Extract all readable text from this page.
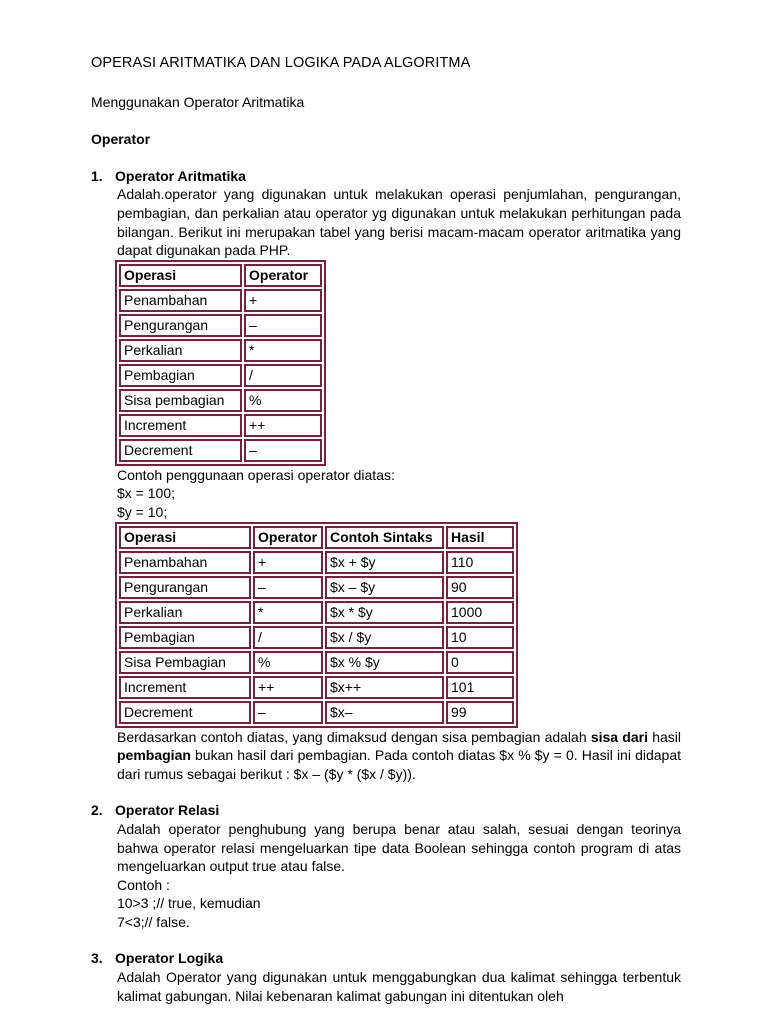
OPERASI ARITMATIKA DAN LOGIKA PADA ALGORITMA
Menggunakan Operator Aritmatika
Operator
1. Operator Aritmatika
Adalah.operator yang digunakan untuk melakukan operasi penjumlahan, pengurangan, pembagian, dan perkalian atau operator yg digunakan untuk melakukan perhitungan pada bilangan. Berikut ini merupakan tabel yang berisi macam-macam operator aritmatika yang dapat digunakan pada PHP.
Operasi	Operator
Penambahan	+
Pengurangan	–
Perkalian	*
Pembagian	/
Sisa pembagian	%
Increment	++
Decrement	–
Contoh penggunaan operasi operator diatas:
$x = 100;
$y = 10;
Operasi	Operator	Contoh Sintaks	Hasil
Penambahan	+	$x + $y	110
Pengurangan	–	$x – $y	90
Perkalian	*	$x * $y	1000
Pembagian	/	$x / $y	10
Sisa Pembagian	%	$x % $y	0
Increment	++	$x++	101
Decrement	–	$x–	99
Berdasarkan contoh diatas, yang dimaksud dengan sisa pembagian adalah sisa dari hasil pembagian bukan hasil dari pembagian. Pada contoh diatas $x % $y = 0. Hasil ini didapat dari rumus sebagai berikut : $x – ($y * ($x / $y)).
2. Operator Relasi
Adalah operator penghubung yang berupa benar atau salah, sesuai dengan teorinya bahwa operator relasi mengeluarkan tipe data Boolean sehingga contoh program di atas mengeluarkan output true atau false.
Contoh :
10>3 ;// true, kemudian
7<3;// false.
3. Operator Logika
Adalah Operator yang digunakan untuk menggabungkan dua kalimat sehingga terbentuk kalimat gabungan. Nilai kebenaran kalimat gabungan ini ditentukan oleh
